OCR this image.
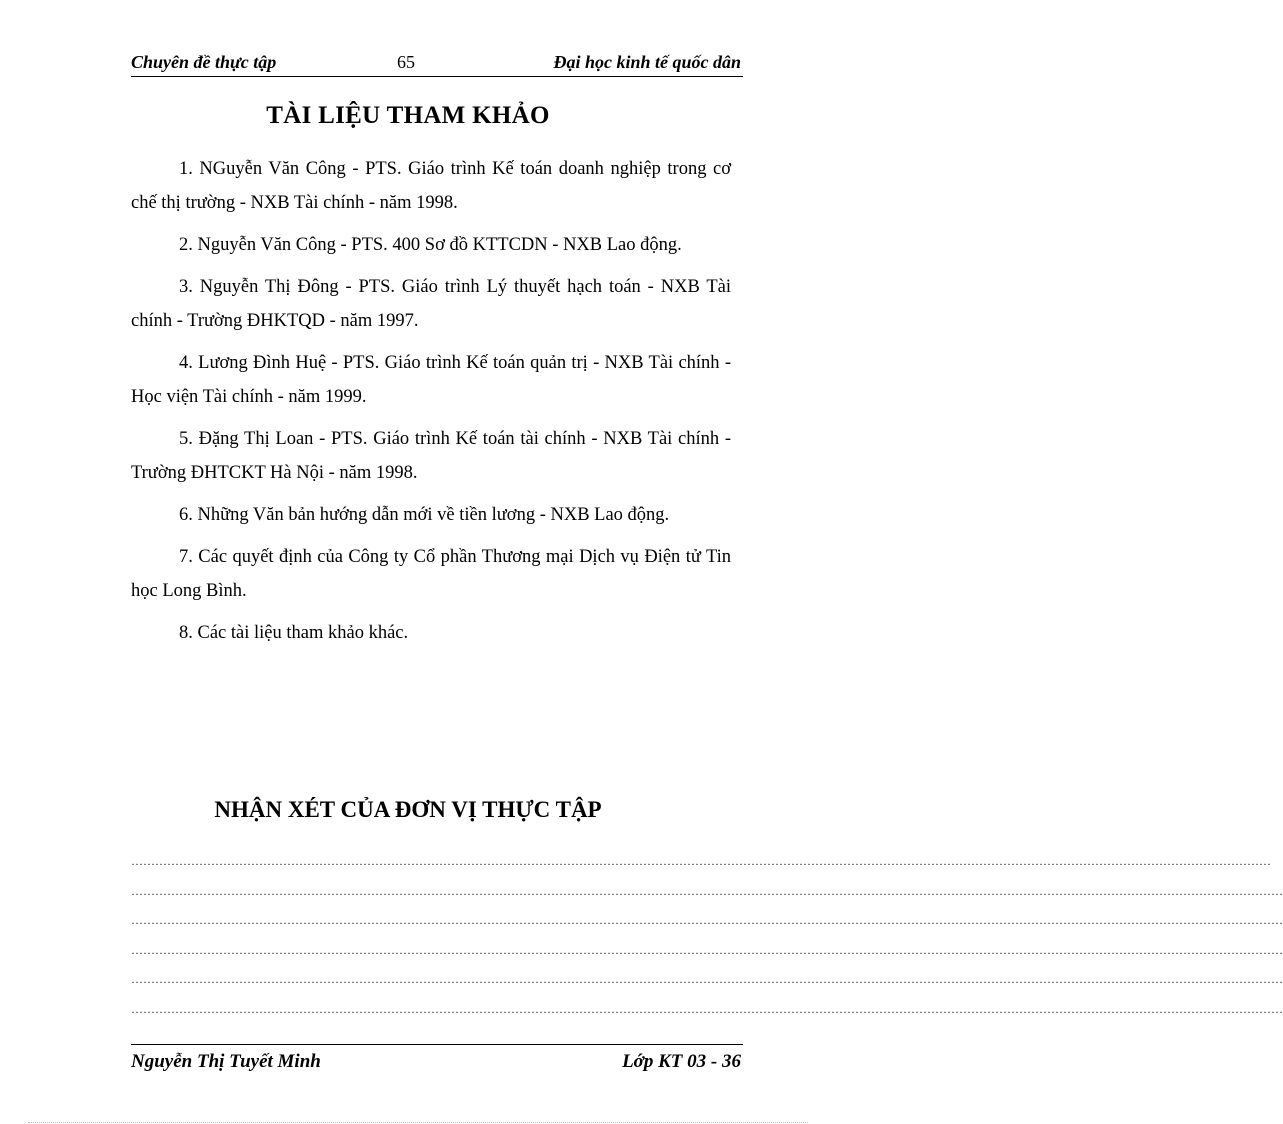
Chuyên đề thực tập	65	Đại học kinh tế quốc dân
TÀI LIỆU THAM KHẢO

1. NGuyễn Văn Công - PTS. Giáo trình Kế toán doanh nghiệp trong cơ chế thị trường - NXB Tài chính - năm 1998.

2. Nguyễn Văn Công - PTS. 400 Sơ đồ KTTCDN - NXB Lao động.

3. Nguyễn Thị Đông - PTS. Giáo trình Lý thuyết hạch toán - NXB Tài chính - Trường ĐHKTQD - năm 1997.

4. Lương Đình Huệ - PTS. Giáo trình Kế toán quản trị - NXB Tài chính - Học viện Tài chính - năm 1999.

5. Đặng Thị Loan - PTS. Giáo trình Kế toán tài chính - NXB Tài chính - Trường ĐHTCKT Hà Nội - năm 1998.

6. Những Văn bản hướng dẫn mới về tiền lương - NXB Lao động.

7. Các quyết định của Công ty Cổ phần Thương mại Dịch vụ Điện tử Tin học Long Bình.

8. Các tài liệu tham khảo khác.

NHẬN XÉT CỦA ĐƠN VỊ THỰC TẬP
……………………………………………………………………………………………………………………………………………………………………………………………………………………………………………………………
………………………………………………………………………………………………………………………………………………………………………………………………………………………………………………………………
………………………………………………………………………………………………………………………………………………………………………………………………………………………………………………………………
………………………………………………………………………………………………………………………………………………………………………………………………………………………………………………………………
………………………………………………………………………………………………………………………………………………………………………………………………………………………………………………………………
………………………………………………………………………………………………………………………………………………………………………………………………………………………………………………………………
Nguyễn Thị Tuyết Minh	Lớp KT 03 - 36
